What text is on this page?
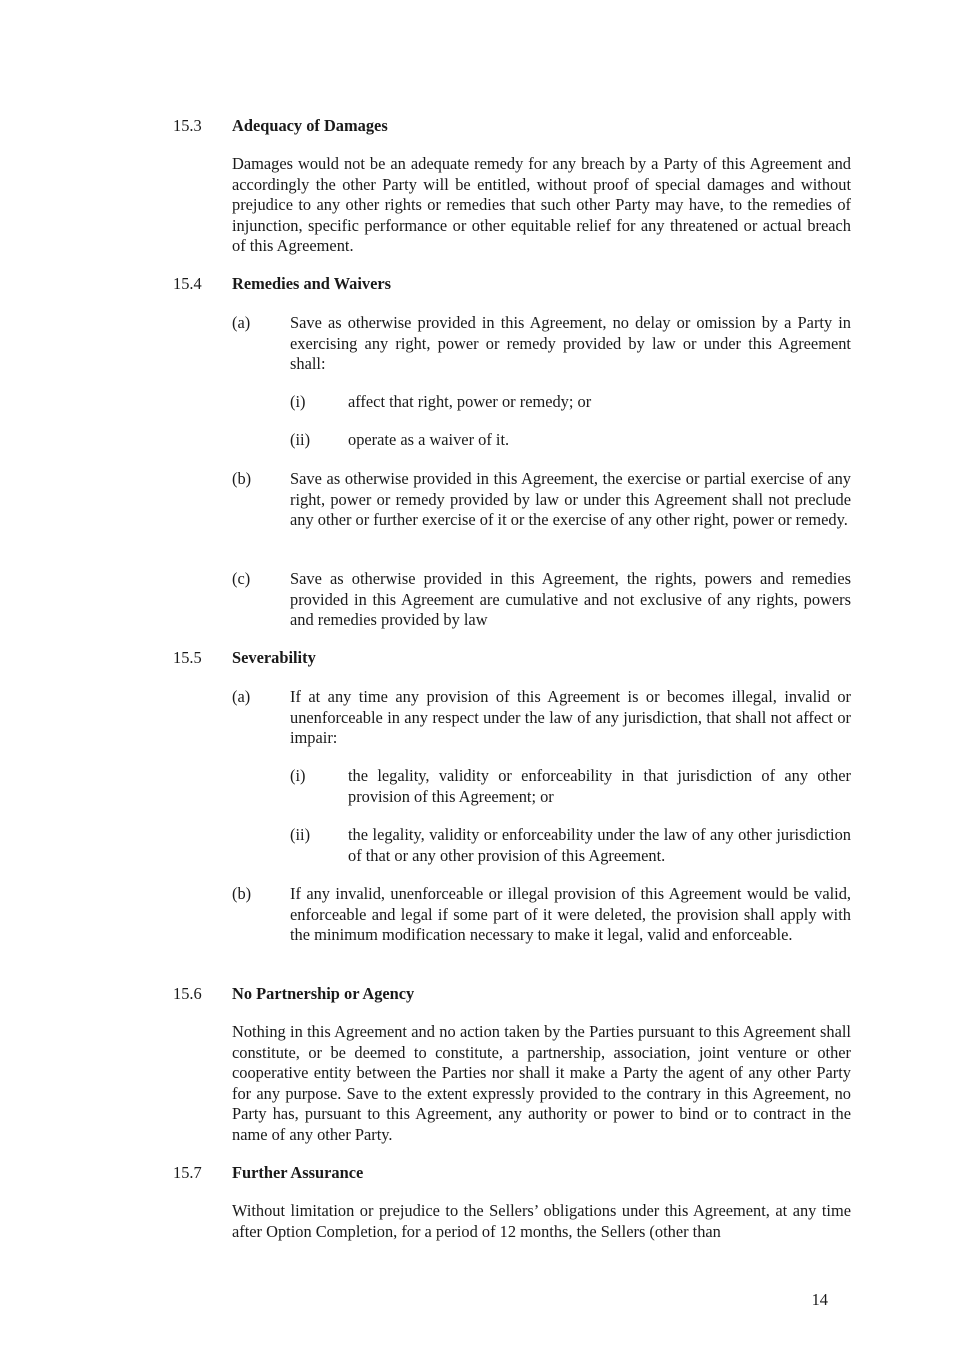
15.3 Adequacy of Damages
Damages would not be an adequate remedy for any breach by a Party of this Agreement and accordingly the other Party will be entitled, without proof of special damages and without prejudice to any other rights or remedies that such other Party may have, to the remedies of injunction, specific performance or other equitable relief for any threatened or actual breach of this Agreement.
15.4 Remedies and Waivers
(a) Save as otherwise provided in this Agreement, no delay or omission by a Party in exercising any right, power or remedy provided by law or under this Agreement shall:
(i)	affect that right, power or remedy; or
(ii) operate as a waiver of it.
(b) Save as otherwise provided in this Agreement, the exercise or partial exercise of any right, power or remedy provided by law or under this Agreement shall not preclude any other or further exercise of it or the exercise of any other right, power or remedy.
(c) Save as otherwise provided in this Agreement, the rights, powers and remedies provided in this Agreement are cumulative and not exclusive of any rights, powers and remedies provided by law
15.5 Severability
(a) If at any time any provision of this Agreement is or becomes illegal, invalid or unenforceable in any respect under the law of any jurisdiction, that shall not affect or impair:
(i)	the legality, validity or enforceability in that jurisdiction of any other provision of this Agreement; or
(ii) the legality, validity or enforceability under the law of any other jurisdiction of that or any other provision of this Agreement.
(b) If any invalid, unenforceable or illegal provision of this Agreement would be valid, enforceable and legal if some part of it were deleted, the provision shall apply with the minimum modification necessary to make it legal, valid and enforceable.
15.6 No Partnership or Agency
Nothing in this Agreement and no action taken by the Parties pursuant to this Agreement shall constitute, or be deemed to constitute, a partnership, association, joint venture or other cooperative entity between the Parties nor shall it make a Party the agent of any other Party for any purpose. Save to the extent expressly provided to the contrary in this Agreement, no Party has, pursuant to this Agreement, any authority or power to bind or to contract in the name of any other Party.
15.7 Further Assurance
Without limitation or prejudice to the Sellers’ obligations under this Agreement, at any time after Option Completion, for a period of 12 months, the Sellers (other than
14
